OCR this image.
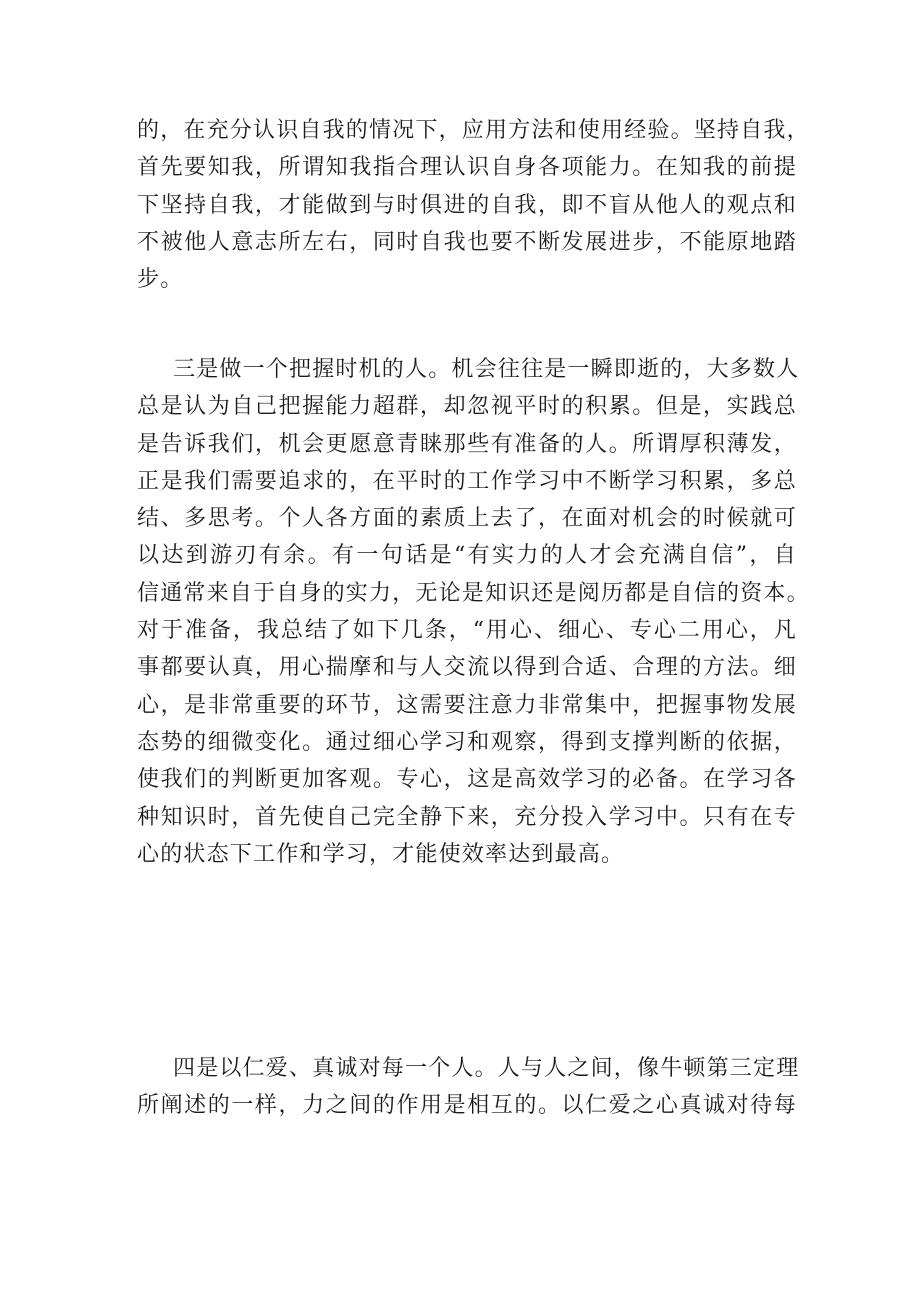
的，在充分认识自我的情况下，应用方法和使用经验。坚持自我，
首先要知我，所谓知我指合理认识自身各项能力。在知我的前提
下坚持自我，才能做到与时俱进的自我，即不盲从他人的观点和
不被他人意志所左右，同时自我也要不断发展进步，不能原地踏
步。
三是做一个把握时机的人。机会往往是一瞬即逝的，大多数人
总是认为自己把握能力超群，却忽视平时的积累。但是，实践总
是告诉我们，机会更愿意青睐那些有准备的人。所谓厚积薄发，
正是我们需要追求的，在平时的工作学习中不断学习积累，多总
结、多思考。个人各方面的素质上去了，在面对机会的时候就可
以达到游刃有余。有一句话是“有实力的人才会充满自信”，自
信通常来自于自身的实力，无论是知识还是阅历都是自信的资本。
对于准备，我总结了如下几条，“用心、细心、专心二用心，凡
事都要认真，用心揣摩和与人交流以得到合适、合理的方法。细
心，是非常重要的环节，这需要注意力非常集中，把握事物发展
态势的细微变化。通过细心学习和观察，得到支撑判断的依据，
使我们的判断更加客观。专心，这是高效学习的必备。在学习各
种知识时，首先使自己完全静下来，充分投入学习中。只有在专
心的状态下工作和学习，才能使效率达到最高。
四是以仁爱、真诚对每一个人。人与人之间，像牛顿第三定理
所阐述的一样，力之间的作用是相互的。以仁爱之心真诚对待每
